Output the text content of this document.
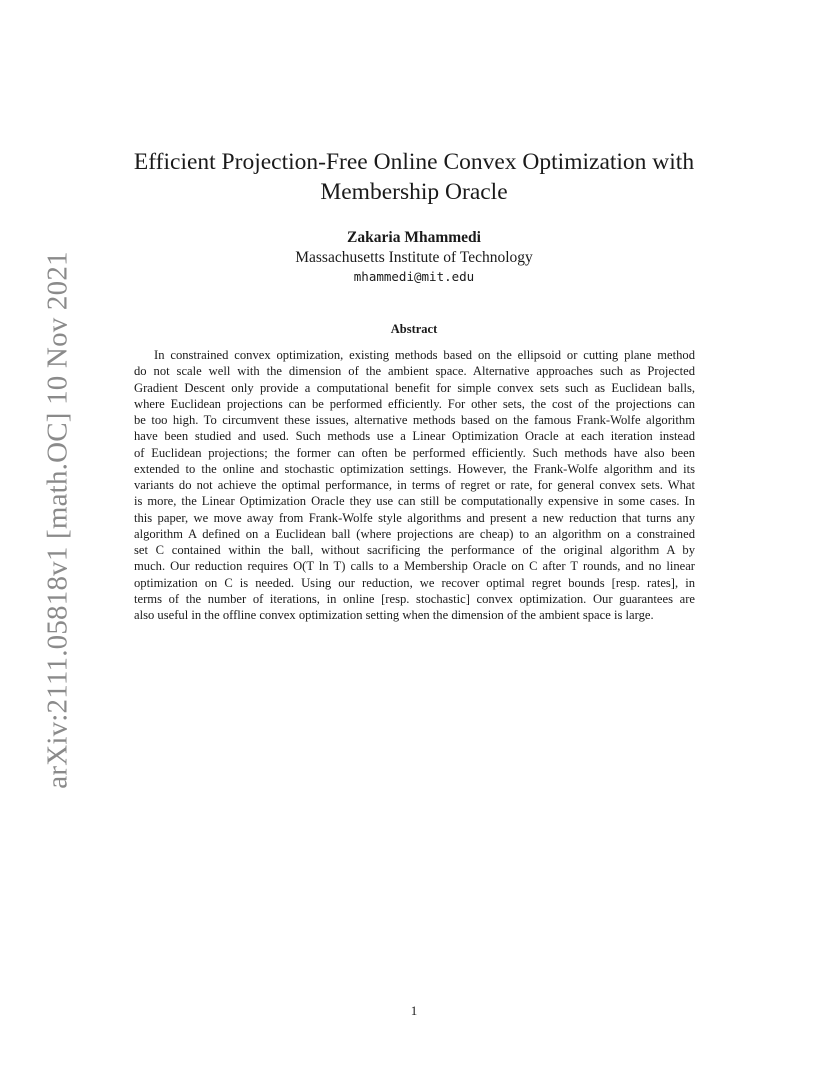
arXiv:2111.05818v1 [math.OC] 10 Nov 2021
Efficient Projection-Free Online Convex Optimization with
Membership Oracle
Zakaria Mhammedi
Massachusetts Institute of Technology
mhammedi@mit.edu
Abstract
In constrained convex optimization, existing methods based on the ellipsoid or cutting plane method
do not scale well with the dimension of the ambient space. Alternative approaches such as Projected
Gradient Descent only provide a computational benefit for simple convex sets such as Euclidean balls,
where Euclidean projections can be performed efficiently. For other sets, the cost of the projections can
be too high. To circumvent these issues, alternative methods based on the famous Frank-Wolfe algorithm
have been studied and used. Such methods use a Linear Optimization Oracle at each iteration instead
of Euclidean projections; the former can often be performed efficiently. Such methods have also been
extended to the online and stochastic optimization settings. However, the Frank-Wolfe algorithm and its
variants do not achieve the optimal performance, in terms of regret or rate, for general convex sets. What
is more, the Linear Optimization Oracle they use can still be computationally expensive in some cases. In
this paper, we move away from Frank-Wolfe style algorithms and present a new reduction that turns any
algorithm A defined on a Euclidean ball (where projections are cheap) to an algorithm on a constrained
set C contained within the ball, without sacrificing the performance of the original algorithm A by
much. Our reduction requires O(T ln T) calls to a Membership Oracle on C after T rounds, and no linear
optimization on C is needed. Using our reduction, we recover optimal regret bounds [resp. rates], in
terms of the number of iterations, in online [resp. stochastic] convex optimization. Our guarantees are
also useful in the offline convex optimization setting when the dimension of the ambient space is large.
1
